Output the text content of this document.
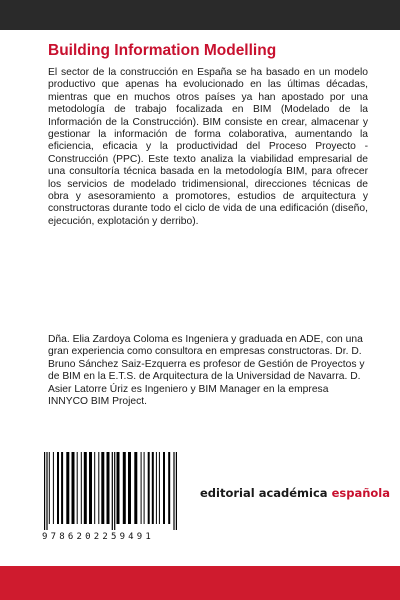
Building Information Modelling

El sector de la construcción en España se ha basado en un modelo productivo que apenas ha evolucionado en las últimas décadas, mientras que en muchos otros países ya han apostado por una metodología de trabajo focalizada en BIM (Modelado de la Información de la Construcción). BIM consiste en crear, almacenar y gestionar la información de forma colaborativa, aumentando la eficiencia, eficacia y la productividad del Proceso Proyecto - Construcción (PPC). Este texto analiza la viabilidad empresarial de una consultoría técnica basada en la metodología BIM, para ofrecer los servicios de modelado tridimensional, direcciones técnicas de obra y asesoramiento a promotores, estudios de arquitectura y constructoras durante todo el ciclo de vida de una edificación (diseño, ejecución, explotación y derribo).

Dña. Elia Zardoya Coloma es Ingeniera y graduada en ADE, con una gran experiencia como consultora en empresas constructoras. Dr. D. Bruno Sánchez Saiz-Ezquerra es profesor de Gestión de Proyectos y de BIM en la E.T.S. de Arquitectura de la Universidad de Navarra. D. Asier Latorre Úriz es Ingeniero y BIM Manager en la empresa INNYCO BIM Project.

9786202259491
editorial académica española
